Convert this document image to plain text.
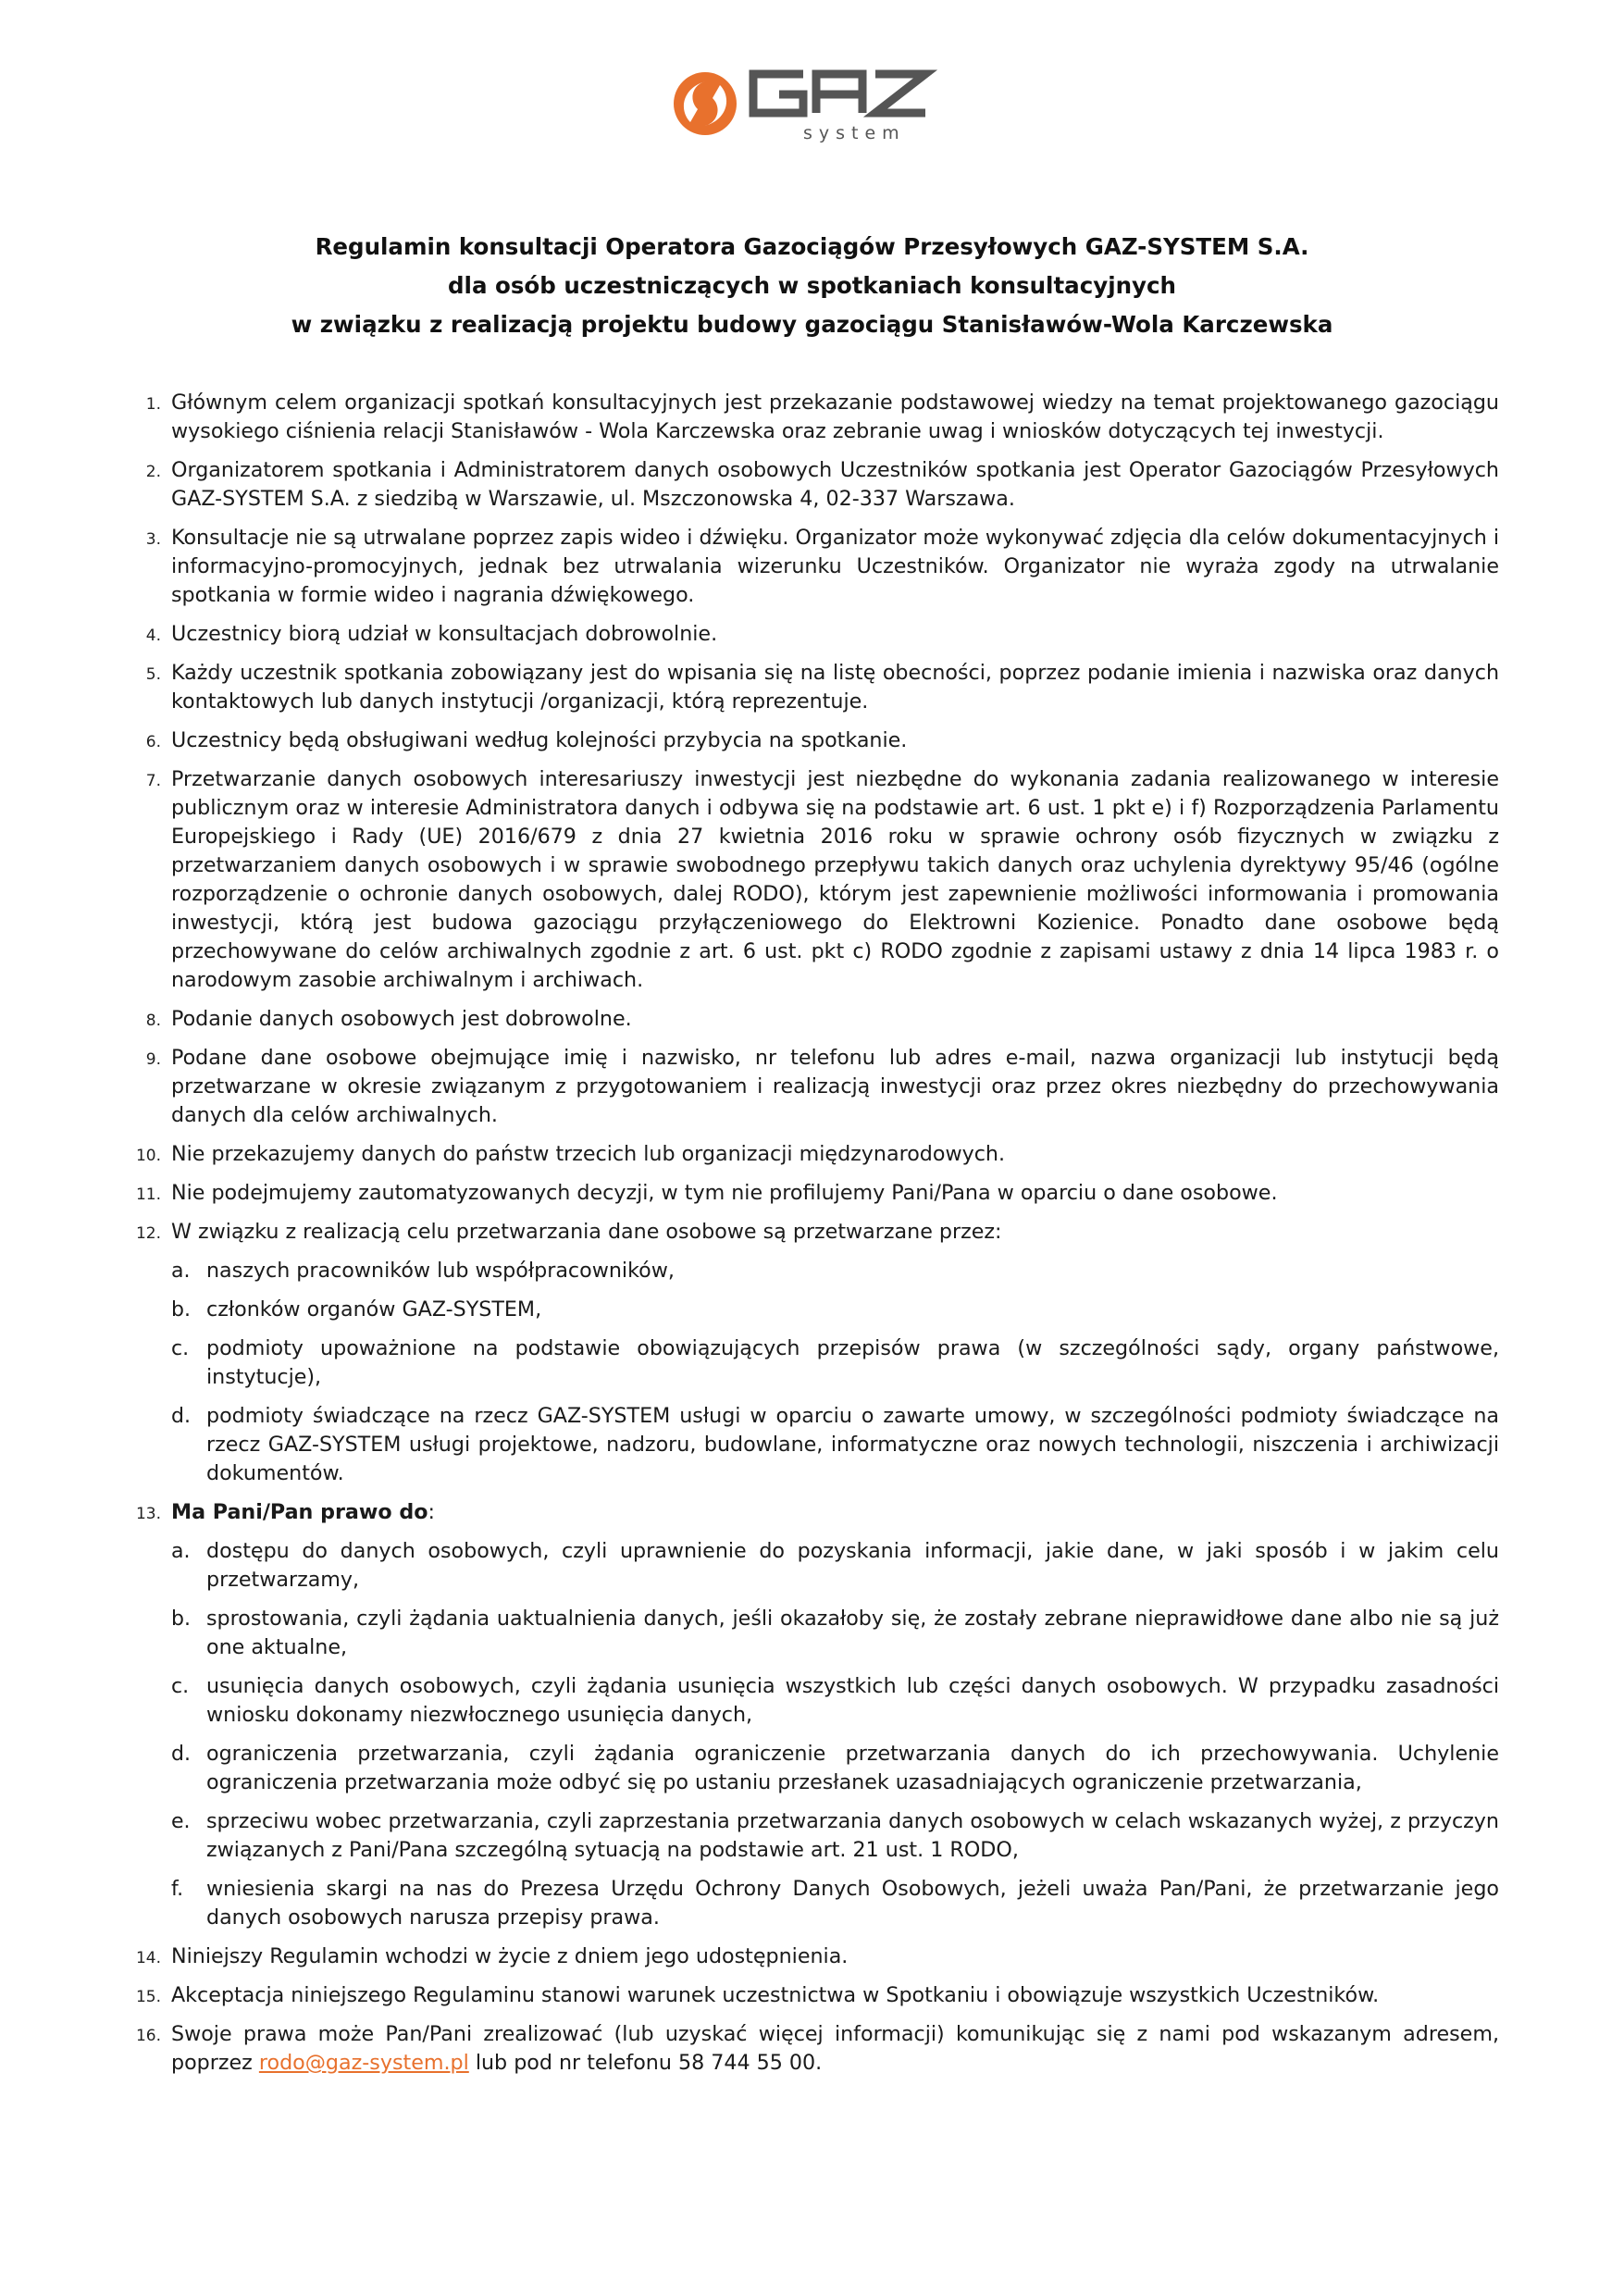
system
Regulamin konsultacji Operatora Gazociągów Przesyłowych GAZ-SYSTEM S.A.
dla osób uczestniczących w spotkaniach konsultacyjnych
w związku z realizacją projektu budowy gazociągu Stanisławów-Wola Karczewska
1. Głównym celem organizacji spotkań konsultacyjnych jest przekazanie podstawowej wiedzy na temat projektowanego gazociągu wysokiego ciśnienia relacji Stanisławów - Wola Karczewska oraz zebranie uwag i wniosków dotyczących tej inwestycji.
2. Organizatorem spotkania i Administratorem danych osobowych Uczestników spotkania jest Operator Gazociągów Przesyłowych GAZ-SYSTEM S.A. z siedzibą w Warszawie, ul. Mszczonowska 4, 02-337 Warszawa.
3. Konsultacje nie są utrwalane poprzez zapis wideo i dźwięku. Organizator może wykonywać zdjęcia dla celów dokumentacyjnych i informacyjno-promocyjnych, jednak bez utrwalania wizerunku Uczestników. Organizator nie wyraża zgody na utrwalanie spotkania w formie wideo i nagrania dźwiękowego.
4. Uczestnicy biorą udział w konsultacjach dobrowolnie.
5. Każdy uczestnik spotkania zobowiązany jest do wpisania się na listę obecności, poprzez podanie imienia i nazwiska oraz danych kontaktowych lub danych instytucji /organizacji, którą reprezentuje.
6. Uczestnicy będą obsługiwani według kolejności przybycia na spotkanie.
7. Przetwarzanie danych osobowych interesariuszy inwestycji jest niezbędne do wykonania zadania realizowanego w interesie publicznym oraz w interesie Administratora danych i odbywa się na podstawie art. 6 ust. 1 pkt e) i f) Rozporządzenia Parlamentu Europejskiego i Rady (UE) 2016/679 z dnia 27 kwietnia 2016 roku w sprawie ochrony osób fizycznych w związku z przetwarzaniem danych osobowych i w sprawie swobodnego przepływu takich danych oraz uchylenia dyrektywy 95/46 (ogólne rozporządzenie o ochronie danych osobowych, dalej RODO), którym jest zapewnienie możliwości informowania i promowania inwestycji, którą jest budowa gazociągu przyłączeniowego do Elektrowni Kozienice. Ponadto dane osobowe będą przechowywane do celów archiwalnych zgodnie z art. 6 ust. pkt c) RODO zgodnie z zapisami ustawy z dnia 14 lipca 1983 r. o narodowym zasobie archiwalnym i archiwach.
8. Podanie danych osobowych jest dobrowolne.
9. Podane dane osobowe obejmujące imię i nazwisko, nr telefonu lub adres e-mail, nazwa organizacji lub instytucji będą przetwarzane w okresie związanym z przygotowaniem i realizacją inwestycji oraz przez okres niezbędny do przechowywania danych dla celów archiwalnych.
10. Nie przekazujemy danych do państw trzecich lub organizacji międzynarodowych.
11. Nie podejmujemy zautomatyzowanych decyzji, w tym nie profilujemy Pani/Pana w oparciu o dane osobowe.
12. W związku z realizacją celu przetwarzania dane osobowe są przetwarzane przez:
a. naszych pracowników lub współpracowników,
b. członków organów GAZ-SYSTEM,
c. podmioty upoważnione na podstawie obowiązujących przepisów prawa (w szczególności sądy, organy państwowe, instytucje),
d. podmioty świadczące na rzecz GAZ-SYSTEM usługi w oparciu o zawarte umowy, w szczególności podmioty świadczące na rzecz GAZ-SYSTEM usługi projektowe, nadzoru, budowlane, informatyczne oraz nowych technologii, niszczenia i archiwizacji dokumentów.
13. Ma Pani/Pan prawo do:
a. dostępu do danych osobowych, czyli uprawnienie do pozyskania informacji, jakie dane, w jaki sposób i w jakim celu przetwarzamy,
b. sprostowania, czyli żądania uaktualnienia danych, jeśli okazałoby się, że zostały zebrane nieprawidłowe dane albo nie są już one aktualne,
c. usunięcia danych osobowych, czyli żądania usunięcia wszystkich lub części danych osobowych. W przypadku zasadności wniosku dokonamy niezwłocznego usunięcia danych,
d. ograniczenia przetwarzania, czyli żądania ograniczenie przetwarzania danych do ich przechowywania. Uchylenie ograniczenia przetwarzania może odbyć się po ustaniu przesłanek uzasadniających ograniczenie przetwarzania,
e. sprzeciwu wobec przetwarzania, czyli zaprzestania przetwarzania danych osobowych w celach wskazanych wyżej, z przyczyn związanych z Pani/Pana szczególną sytuacją na podstawie art. 21 ust. 1 RODO,
f.	wniesienia skargi na nas do Prezesa Urzędu Ochrony Danych Osobowych, jeżeli uważa Pan/Pani, że przetwarzanie jego danych osobowych narusza przepisy prawa.
14. Niniejszy Regulamin wchodzi w życie z dniem jego udostępnienia.
15. Akceptacja niniejszego Regulaminu stanowi warunek uczestnictwa w Spotkaniu i obowiązuje wszystkich Uczestników.
16. Swoje prawa może Pan/Pani zrealizować (lub uzyskać więcej informacji) komunikując się z nami pod wskazanym adresem, poprzez rodo@gaz-system.pl lub pod nr telefonu 58 744 55 00.
